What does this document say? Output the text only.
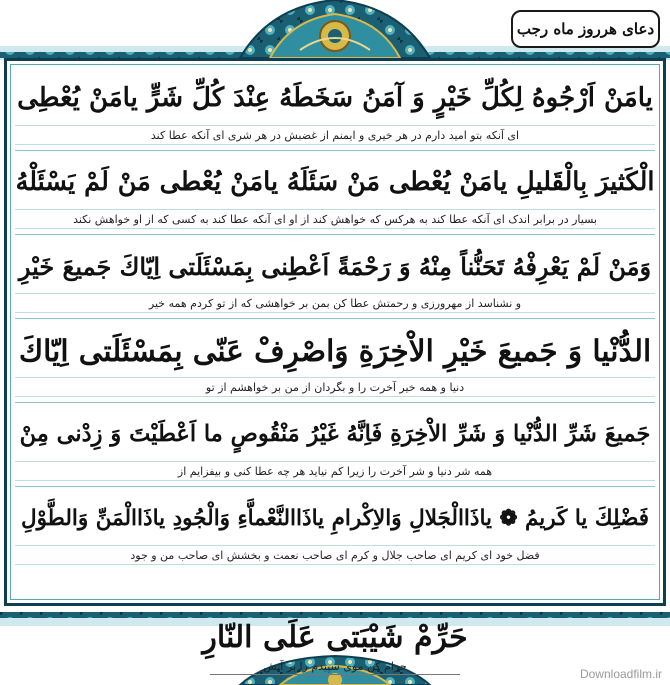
دعای هرروز ماه رجب
یامَنْ اَرْجُوهُ لِكُلِّ خَیْرٍ وَ آمَنُ سَخَطَهُ عِنْدَ كُلِّ شَرٍّ یامَنْ یُعْطِی
ای آنکه بتو امید دارم در هر خیری و ایمنم از غضبش در هر شری ای آنکه عطا کند
الْكَثیرَ بِالْقَلیلِ یامَنْ یُعْطی مَنْ سَئَلَهُ یامَنْ یُعْطی مَنْ لَمْ یَسْئَلْهُ
بسیار در برابر اندک ای آنکه عطا کند به هرکس که خواهش کند از او ای آنکه عطا کند به کسی که از او خواهش نکند
وَمَنْ لَمْ یَعْرِفْهُ تَحَنُّناً مِنْهُ وَ رَحْمَةً اَعْطِنی بِمَسْئَلَتی اِیّاكَ جَمیعَ خَیْرِ
و نشناسد از مهرورزی و رحمتش عطا کن بمن بر خواهشی که از تو کردم همه خیر
الدُّنْیا وَ جَمیعَ خَیْرِ الاْخِرَةِ وَاصْرِفْ عَنّی بِمَسْئَلَتی اِیّاكَ
دنیا و همه خیر آخرت را و بگردان از من بر خواهشم از تو
جَمیعَ شَرِّ الدُّنْیا وَ شَرِّ الاْخِرَةِ فَاِنَّهُ غَیْرُ مَنْقُوصٍ ما اَعْطَیْتَ وَ زِدْنی مِنْ
همه شر دنیا و شر آخرت را زیرا کم نیاید هر چه عطا کنی و بیفزایم از
فَضْلِكَ یا كَریمُ ❁ یاذَاالْجَلالِ وَالاِكْرامِ یاذَاالنَّعْماَّءِ وَالْجُودِ یاذَاالْمَنِّ وَالطَّوْلِ
فضل خود ای کریم ای صاحب جلال و کرم ای صاحب نعمت و بخشش ای صاحب من و جود
حَرِّمْ شَیْبَتی عَلَی النّارِ
حرام کن موی سپیدم را بر آتش
Downloadfilm.ir
